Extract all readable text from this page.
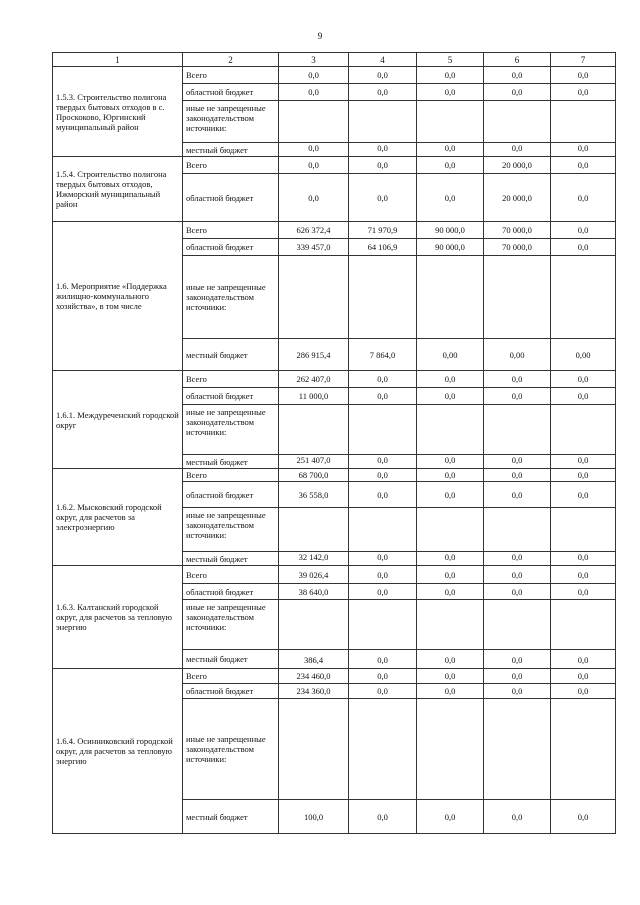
9
1	2	3	4	5	6	7
1.5.3. Строительство полигона твердых бытовых отходов в с. Проскоково, Юргинский муниципальный район	Всего	0,0	0,0	0,0	0,0	0,0
	областной бюджет	0,0	0,0	0,0	0,0	0,0
	иные не запрещенные законодательством источники:					
	местный бюджет	0,0	0,0	0,0	0,0	0,0
1.5.4. Строительство полигона твердых бытовых отходов, Ижморский муниципальный район	Всего	0,0	0,0	0,0	20 000,0	0,0
	областной бюджет	0,0	0,0	0,0	20 000,0	0,0
1.6. Мероприятие «Поддержка жилищно-коммунального хозяйства», в том числе	Всего	626 372,4	71 970,9	90 000,0	70 000,0	0,0
	областной бюджет	339 457,0	64 106,9	90 000,0	70 000,0	0,0
	иные не запрещенные законодательством источники:					
	местный бюджет	286 915,4	7 864,0	0,00	0,00	0,00
1.6.1. Междуреченский городской округ	Всего	262 407,0	0,0	0,0	0,0	0,0
	областной бюджет	11 000,0	0,0	0,0	0,0	0,0
	иные не запрещенные законодательством источники:					
	местный бюджет	251 407,0	0,0	0,0	0,0	0,0
1.6.2. Мысковский городской округ, для расчетов за электроэнергию	Всего	68 700,0	0,0	0,0	0,0	0,0
	областной бюджет	36 558,0	0,0	0,0	0,0	0,0
	иные не запрещенные законодательством источники:					
	местный бюджет	32 142,0	0,0	0,0	0,0	0,0
1.6.3. Калтанский городской округ, для расчетов за тепловую энергию	Всего	39 026,4	0,0	0,0	0,0	0,0
	областной бюджет	38 640,0	0,0	0,0	0,0	0,0
	иные не запрещенные законодательством источники:					
	местный бюджет	386,4	0,0	0,0	0,0	0,0
1.6.4. Осинниковский городской округ, для расчетов за тепловую энергию	Всего	234 460,0	0,0	0,0	0,0	0,0
	областной бюджет	234 360,0	0,0	0,0	0,0	0,0
	иные не запрещенные законодательством источники:					
	местный бюджет	100,0	0,0	0,0	0,0	0,0
